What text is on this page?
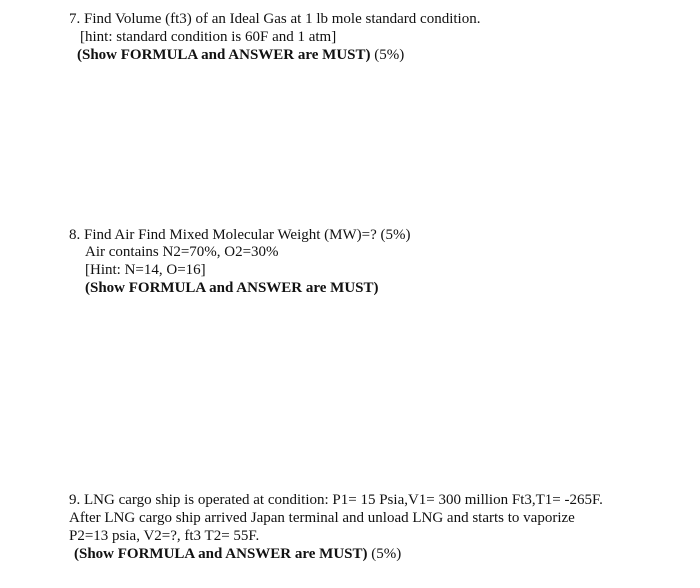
7. Find Volume (ft3) of an Ideal Gas at 1 lb mole standard condition.
[hint: standard condition is 60F and 1 atm]
(Show FORMULA and ANSWER are MUST) (5%)
8. Find Air Find Mixed Molecular Weight (MW)=? (5%)
Air contains N2=70%, O2=30%
[Hint: N=14, O=16]
(Show FORMULA and ANSWER are MUST)
9. LNG cargo ship is operated at condition: P1= 15 Psia,V1= 300 million Ft3,T1= -265F.
After LNG cargo ship arrived Japan terminal and unload LNG and starts to vaporize
P2=13 psia, V2=?, ft3 T2= 55F.
(Show FORMULA and ANSWER are MUST) (5%)
